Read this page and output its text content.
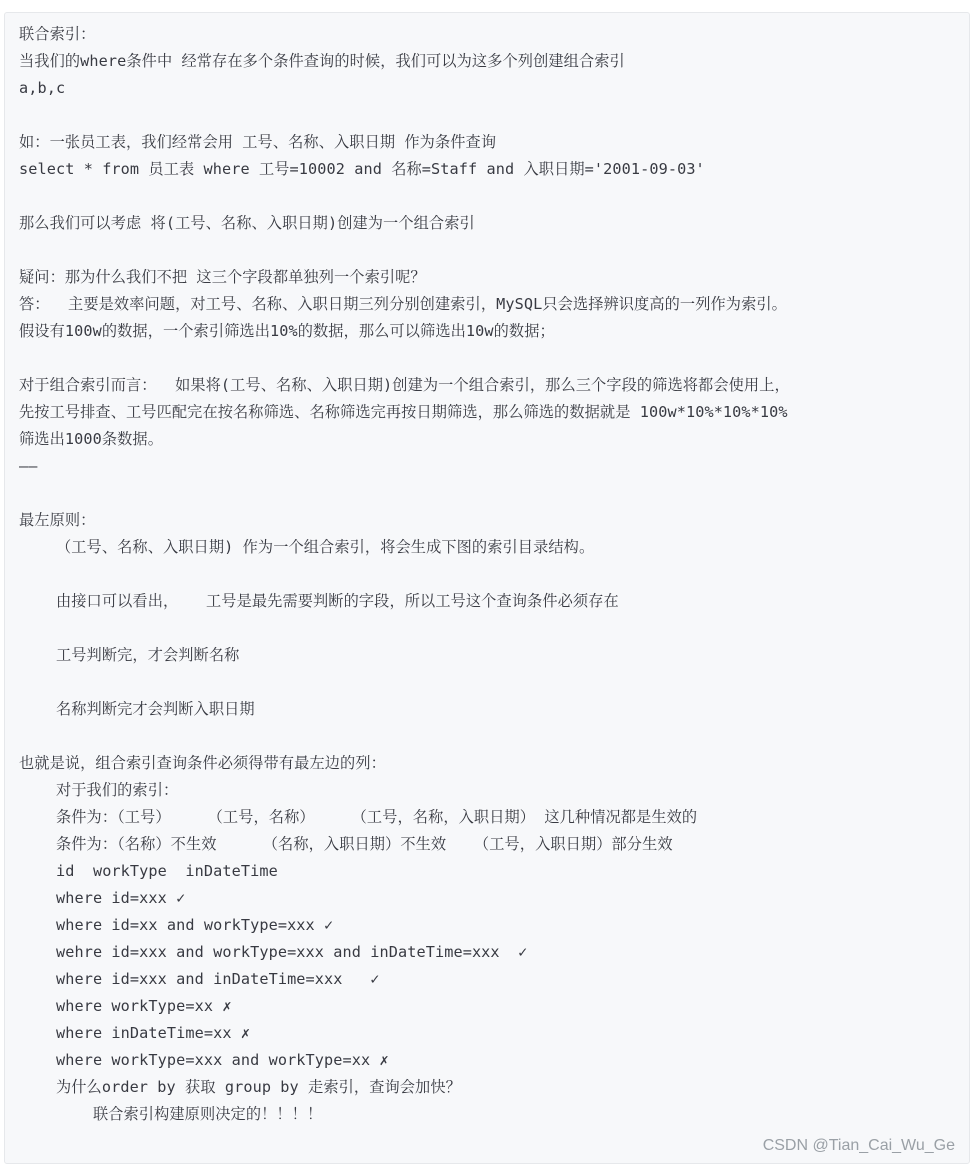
联合索引：
当我们的where条件中 经常存在多个条件查询的时候，我们可以为这多个列创建组合索引
a,b,c
如：一张员工表，我们经常会用 工号、名称、入职日期 作为条件查询
select * from 员工表 where 工号=10002 and 名称=Staff and 入职日期='2001-09-03'
那么我们可以考虑 将(工号、名称、入职日期)创建为一个组合索引
疑问：那为什么我们不把 这三个字段都单独列一个索引呢？
答：  主要是效率问题，对工号、名称、入职日期三列分别创建索引，MySQL只会选择辨识度高的一列作为索引。
假设有100w的数据，一个索引筛选出10%的数据，那么可以筛选出10w的数据；
对于组合索引而言：  如果将(工号、名称、入职日期)创建为一个组合索引，那么三个字段的筛选将都会使用上，
先按工号排查、工号匹配完在按名称筛选、名称筛选完再按日期筛选，那么筛选的数据就是 100w*10%*10%*10%
筛选出1000条数据。
——
最左原则：
（工号、名称、入职日期) 作为一个组合索引，将会生成下图的索引目录结构。
由接口可以看出，   工号是最先需要判断的字段，所以工号这个查询条件必须存在
工号判断完，才会判断名称
名称判断完才会判断入职日期
也就是说，组合索引查询条件必须得带有最左边的列：
对于我们的索引：
条件为：（工号）    （工号，名称）    （工号，名称，入职日期） 这几种情况都是生效的
条件为：（名称）不生效     （名称，入职日期）不生效   （工号，入职日期）部分生效
id  workType  inDateTime
where id=xxx ✓
where id=xx and workType=xxx ✓
wehre id=xxx and workType=xxx and inDateTime=xxx  ✓
where id=xxx and inDateTime=xxx   ✓
where workType=xx ✗
where inDateTime=xx ✗
where workType=xxx and workType=xx ✗
为什么order by 获取 group by 走索引，查询会加快？
联合索引构建原则决定的！！！！
CSDN @Tian_Cai_Wu_Ge
